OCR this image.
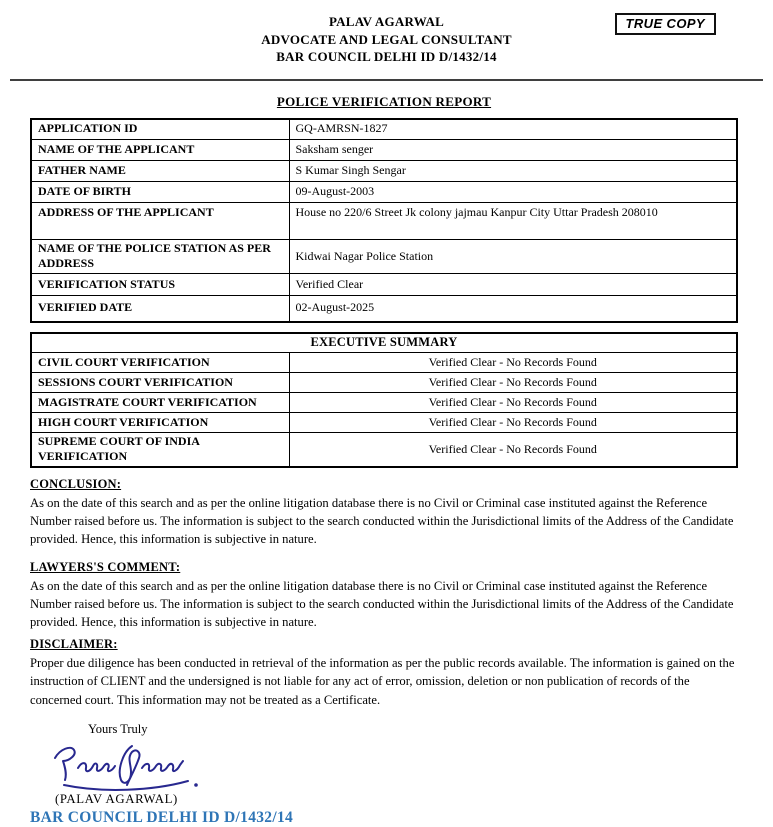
TRUE COPY
PALAV AGARWAL
ADVOCATE AND LEGAL CONSULTANT
BAR COUNCIL DELHI ID D/1432/14
POLICE VERIFICATION REPORT
APPLICATION ID	GQ-AMRSN-1827
NAME OF THE APPLICANT	Saksham senger
FATHER NAME	S Kumar Singh Sengar
DATE OF BIRTH	09-August-2003
ADDRESS OF THE APPLICANT	House no 220/6 Street Jk colony jajmau Kanpur City Uttar Pradesh 208010
NAME OF THE POLICE STATION AS PER ADDRESS	Kidwai Nagar Police Station
VERIFICATION STATUS	Verified Clear
VERIFIED DATE	02-August-2025
EXECUTIVE SUMMARY	
CIVIL COURT VERIFICATION	Verified Clear - No Records Found
SESSIONS COURT VERIFICATION	Verified Clear - No Records Found
MAGISTRATE COURT VERIFICATION	Verified Clear - No Records Found
HIGH COURT VERIFICATION	Verified Clear - No Records Found
SUPREME COURT OF INDIA VERIFICATION	Verified Clear - No Records Found
CONCLUSION:

As on the date of this search and as per the online litigation database there is no Civil or Criminal case instituted against the Reference Number raised before us. The information is subject to the search conducted within the Jurisdictional limits of the Address of the Candidate provided. Hence, this information is subjective in nature.

LAWYERS'S COMMENT:

As on the date of this search and as per the online litigation database there is no Civil or Criminal case instituted against the Reference Number raised before us. The information is subject to the search conducted within the Jurisdictional limits of the Address of the Candidate provided. Hence, this information is subjective in nature.

DISCLAIMER:

Proper due diligence has been conducted in retrieval of the information as per the public records available. The information is gained on the instruction of CLIENT and the undersigned is not liable for any act of error, omission, deletion or non publication of records of the concerned court. This information may not be treated as a Certificate.

Yours Truly
(PALAV AGARWAL)
BAR COUNCIL DELHI ID D/1432/14
